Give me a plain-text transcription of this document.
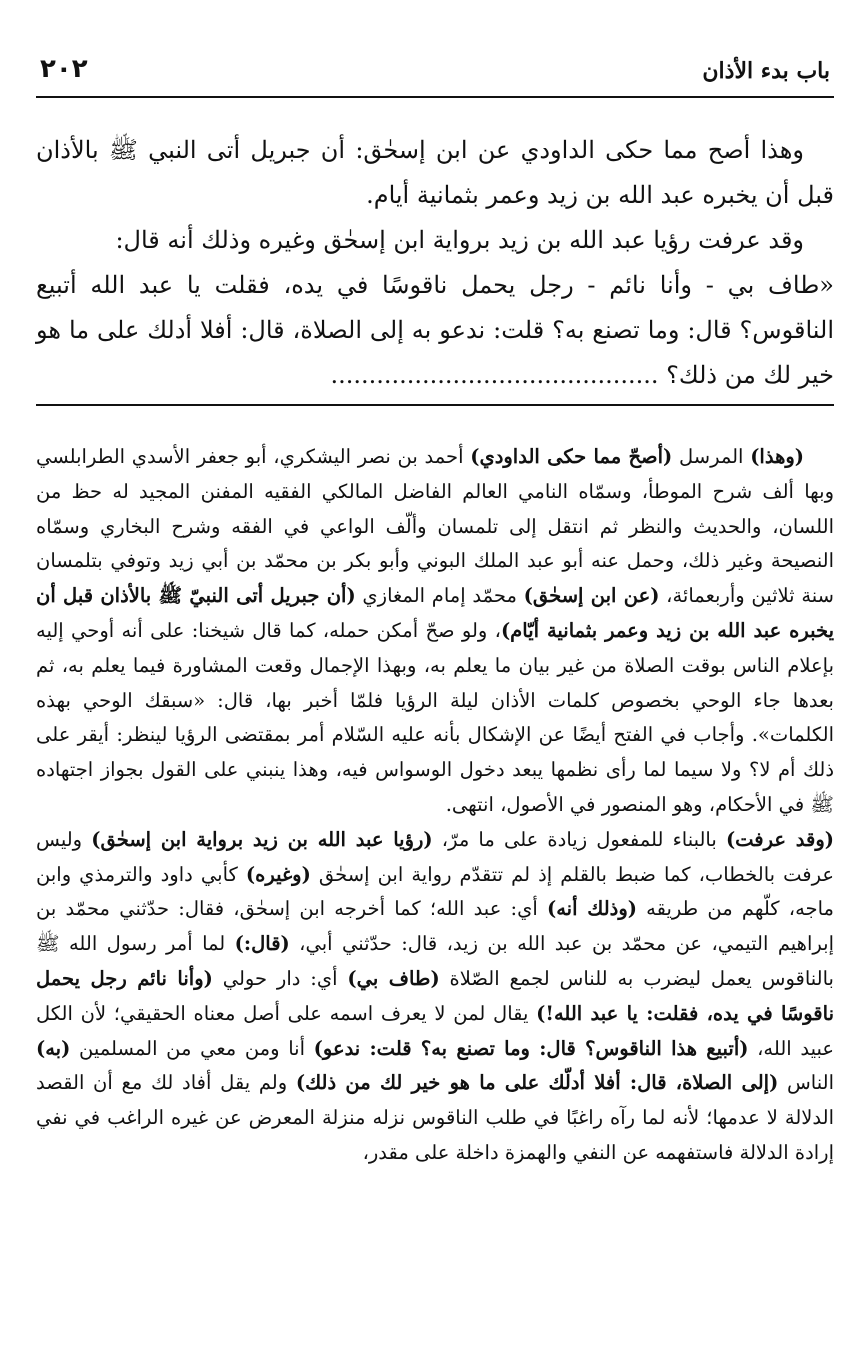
٢٠٢	باب بدء الأذان

وهذا أصح مما حكى الداودي عن ابن إسحٰق: أن جبريل أتى النبي ﷺ بالأذان قبل أن يخبره عبد الله بن زيد وعمر بثمانية أيام.

وقد عرفت رؤيا عبد الله بن زيد برواية ابن إسحٰق وغيره وذلك أنه قال:

«طاف بي - وأنا نائم - رجل يحمل ناقوسًا في يده، فقلت يا عبد الله أتبيع الناقوس؟ قال: وما تصنع به؟ قلت: ندعو به إلى الصلاة، قال: أفلا أدلك على ما هو خير لك من ذلك؟ ...........................................

(وهذا) المرسل (أصحّ مما حكى الداودي) أحمد بن نصر اليشكري، أبو جعفر الأسدي الطرابلسي وبها ألف شرح الموطأ، وسمّاه النامي العالم الفاضل المالكي الفقيه المفنن المجيد له حظ من اللسان، والحديث والنظر ثم انتقل إلى تلمسان وألّف الواعي في الفقه وشرح البخاري وسمّاه النصيحة وغير ذلك، وحمل عنه أبو عبد الملك البوني وأبو بكر بن محمّد بن أبي زيد وتوفي بتلمسان سنة ثلاثين وأربعمائة، (عن ابن إسحٰق) محمّد إمام المغازي (أن جبريل أتى النبيّ ﷺ بالأذان قبل أن يخبره عبد الله بن زيد وعمر بثمانية أيّام)، ولو صحّ أمكن حمله، كما قال شيخنا: على أنه أوحي إليه بإعلام الناس بوقت الصلاة من غير بيان ما يعلم به، وبهذا الإجمال وقعت المشاورة فيما يعلم به، ثم بعدها جاء الوحي بخصوص كلمات الأذان ليلة الرؤيا فلمّا أخبر بها، قال: «سبقك الوحي بهذه الكلمات». وأجاب في الفتح أيضًا عن الإشكال بأنه عليه السّلام أمر بمقتضى الرؤيا لينظر: أيقر على ذلك أم لا؟ ولا سيما لما رأى نظمها يبعد دخول الوسواس فيه، وهذا ينبني على القول بجواز اجتهاده ﷺ في الأحكام، وهو المنصور في الأصول، انتهى.

(وقد عرفت) بالبناء للمفعول زيادة على ما مرّ، (رؤيا عبد الله بن زيد برواية ابن إسحٰق) وليس عرفت بالخطاب، كما ضبط بالقلم إذ لم تتقدّم رواية ابن إسحٰق (وغيره) كأبي داود والترمذي وابن ماجه، كلّهم من طريقه (وذلك أنه) أي: عبد الله؛ كما أخرجه ابن إسحٰق، فقال: حدّثني محمّد بن إبراهيم التيمي، عن محمّد بن عبد الله بن زيد، قال: حدّثني أبي، (قال:) لما أمر رسول الله ﷺ بالناقوس يعمل ليضرب به للناس لجمع الصّلاة (طاف بي) أي: دار حولي (وأنا نائم رجل يحمل ناقوسًا في يده، فقلت: يا عبد الله!) يقال لمن لا يعرف اسمه على أصل معناه الحقيقي؛ لأن الكل عبيد الله، (أتبيع هذا الناقوس؟ قال: وما تصنع به؟ قلت: ندعو) أنا ومن معي من المسلمين (به) الناس (إلى الصلاة، قال: أفلا أدلّك على ما هو خير لك من ذلك) ولم يقل أفاد لك مع أن القصد الدلالة لا عدمها؛ لأنه لما رآه راغبًا في طلب الناقوس نزله منزلة المعرض عن غيره الراغب في نفي إرادة الدلالة فاستفهمه عن النفي والهمزة داخلة على مقدر،
